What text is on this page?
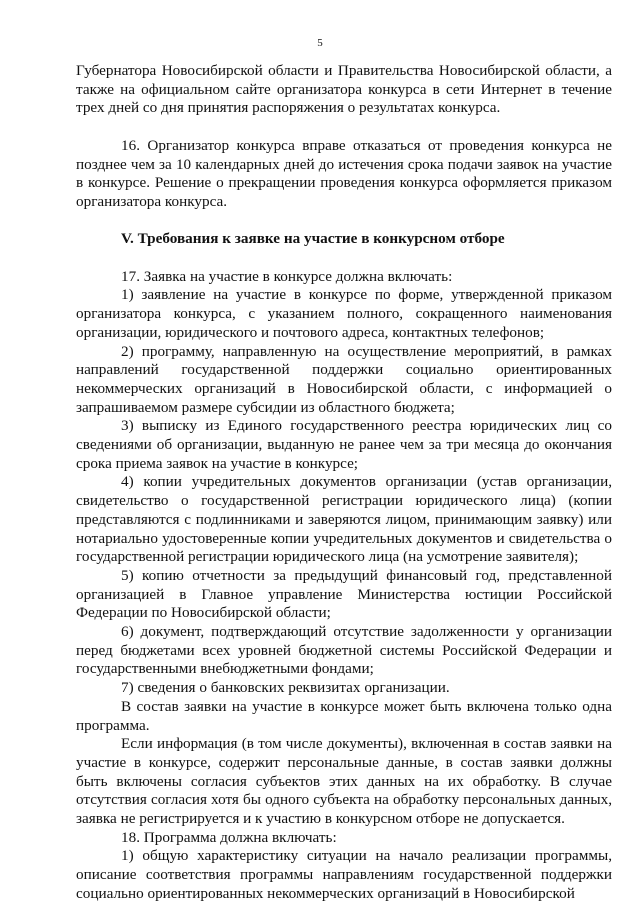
5

Губернатора Новосибирской области и Правительства Новосибирской области, а также на официальном сайте организатора конкурса в сети Интернет в течение трех дней со дня принятия распоряжения о результатах конкурса.

16. Организатор конкурса вправе отказаться от проведения конкурса не позднее чем за 10 календарных дней до истечения срока подачи заявок на участие в конкурсе. Решение о прекращении проведения конкурса оформляется приказом организатора конкурса.

V. Требования к заявке на участие в конкурсном отборе

17. Заявка на участие в конкурсе должна включать:

1) заявление на участие в конкурсе по форме, утвержденной приказом организатора конкурса, с указанием полного, сокращенного наименования организации, юридического и почтового адреса, контактных телефонов;

2) программу, направленную на осуществление мероприятий, в рамках направлений государственной поддержки социально ориентированных некоммерческих организаций в Новосибирской области, с информацией о запрашиваемом размере субсидии из областного бюджета;

3) выписку из Единого государственного реестра юридических лиц со сведениями об организации, выданную не ранее чем за три месяца до окончания срока приема заявок на участие в конкурсе;

4) копии учредительных документов организации (устав организации, свидетельство о государственной регистрации юридического лица) (копии представляются с подлинниками и заверяются лицом, принимающим заявку) или нотариально удостоверенные копии учредительных документов и свидетельства о государственной регистрации юридического лица (на усмотрение заявителя);

5) копию отчетности за предыдущий финансовый год, представленной организацией в Главное управление Министерства юстиции Российской Федерации по Новосибирской области;

6) документ, подтверждающий отсутствие задолженности у организации перед бюджетами всех уровней бюджетной системы Российской Федерации и государственными внебюджетными фондами;

7) сведения о банковских реквизитах организации.

В состав заявки на участие в конкурсе может быть включена только одна программа.

Если информация (в том числе документы), включенная в состав заявки на участие в конкурсе, содержит персональные данные, в состав заявки должны быть включены согласия субъектов этих данных на их обработку. В случае отсутствия согласия хотя бы одного субъекта на обработку персональных данных, заявка не регистрируется и к участию в конкурсном отборе не допускается.

18. Программа должна включать:

1) общую характеристику ситуации на начало реализации программы, описание соответствия программы направлениям государственной поддержки социально ориентированных некоммерческих организаций в Новосибирской
